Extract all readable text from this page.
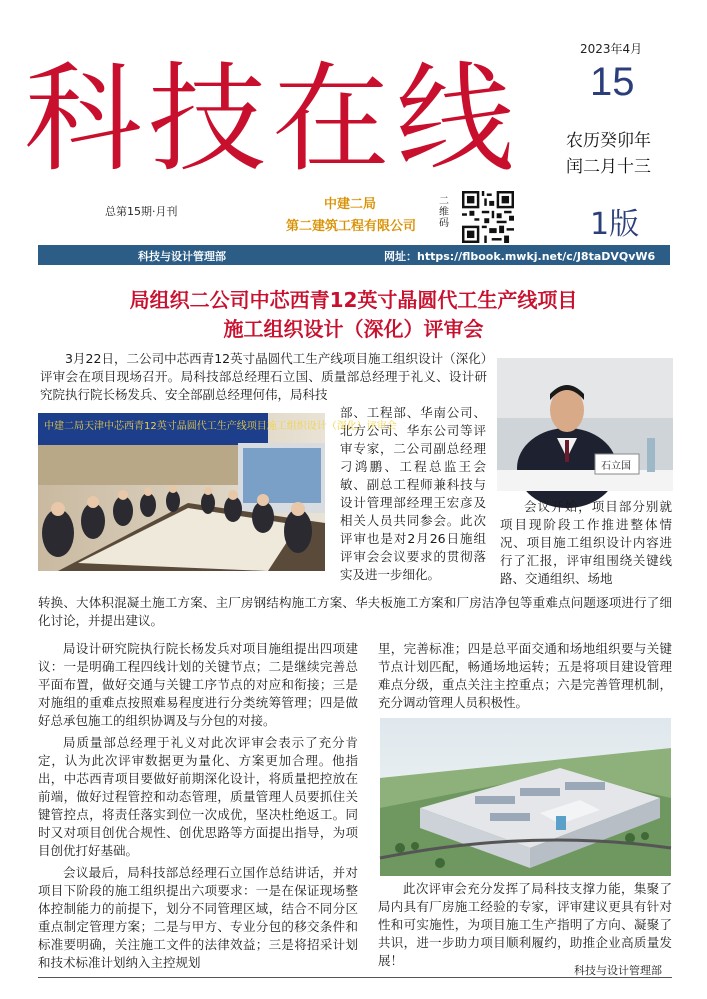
科技在线
2023年4月
15
农历癸卯年
闰二月十三
总第15期·月刊	中建二局
第二建筑工程有限公司
二维码	1版
科技与设计管理部	网址：https://flbook.mwkj.net/c/J8taDVQvW6
局组织二公司中芯西青12英寸晶圆代工生产线项目
施工组织设计（深化）评审会
3月22日，二公司中芯西青12英寸晶圆代工生产线项目施工组织设计（深化）评审会在项目现场召开。局科技部总经理石立国、质量部总经理于礼义、设计研究院执行院长杨发兵、安全部副总经理何伟，局科技
部、工程部、华南公司、北方公司、华东公司等评审专家，二公司副总经理刁鸿鹏、工程总监王会敏、副总工程师兼科技与设计管理部经理王宏彦及相关人员共同参会。此次评审也是对2月26日施组评审会会议要求的贯彻落实及进一步细化。
中建二局天津中芯西青12英寸晶圆代工生产线项目施工组织设计（深化）评审会
石立国
会议开始，项目部分别就项目现阶段工作推进整体情况、项目施工组织设计内容进行了汇报，评审组围绕关键线路、交通组织、场地
转换、大体积混凝土施工方案、主厂房钢结构施工方案、华夫板施工方案和厂房洁净包等重难点问题逐项进行了细化讨论，并提出建议。

局设计研究院执行院长杨发兵对项目施组提出四项建议：一是明确工程四线计划的关键节点；二是继续完善总平面布置，做好交通与关键工序节点的对应和衔接；三是对施组的重难点按照难易程度进行分类统筹管理；四是做好总承包施工的组织协调及与分包的对接。

局质量部总经理于礼义对此次评审会表示了充分肯定，认为此次评审数据更为量化、方案更加合理。他指出，中芯西青项目要做好前期深化设计，将质量把控放在前端，做好过程管控和动态管理，质量管理人员要抓住关键管控点，将责任落实到位一次成优，坚决杜绝返工。同时又对项目创优合规性、创优思路等方面提出指导，为项目创优打好基础。

会议最后，局科技部总经理石立国作总结讲话，并对项目下阶段的施工组织提出六项要求：一是在保证现场整体控制能力的前提下，划分不同管理区域，结合不同分区重点制定管理方案；二是与甲方、专业分包的移交条件和标准要明确，关注施工文件的法律效益；三是将招采计划和技术标准计划纳入主控规划

里，完善标准；四是总平面交通和场地组织要与关键节点计划匹配，畅通场地运转；五是将项目建设管理难点分级，重点关注主控重点；六是完善管理机制，充分调动管理人员积极性。
此次评审会充分发挥了局科技支撑力能，集聚了局内具有厂房施工经验的专家，评审建议更具有针对性和可实施性，为项目施工生产指明了方向、凝聚了共识，进一步助力项目顺利履约，助推企业高质量发展！
科技与设计管理部
